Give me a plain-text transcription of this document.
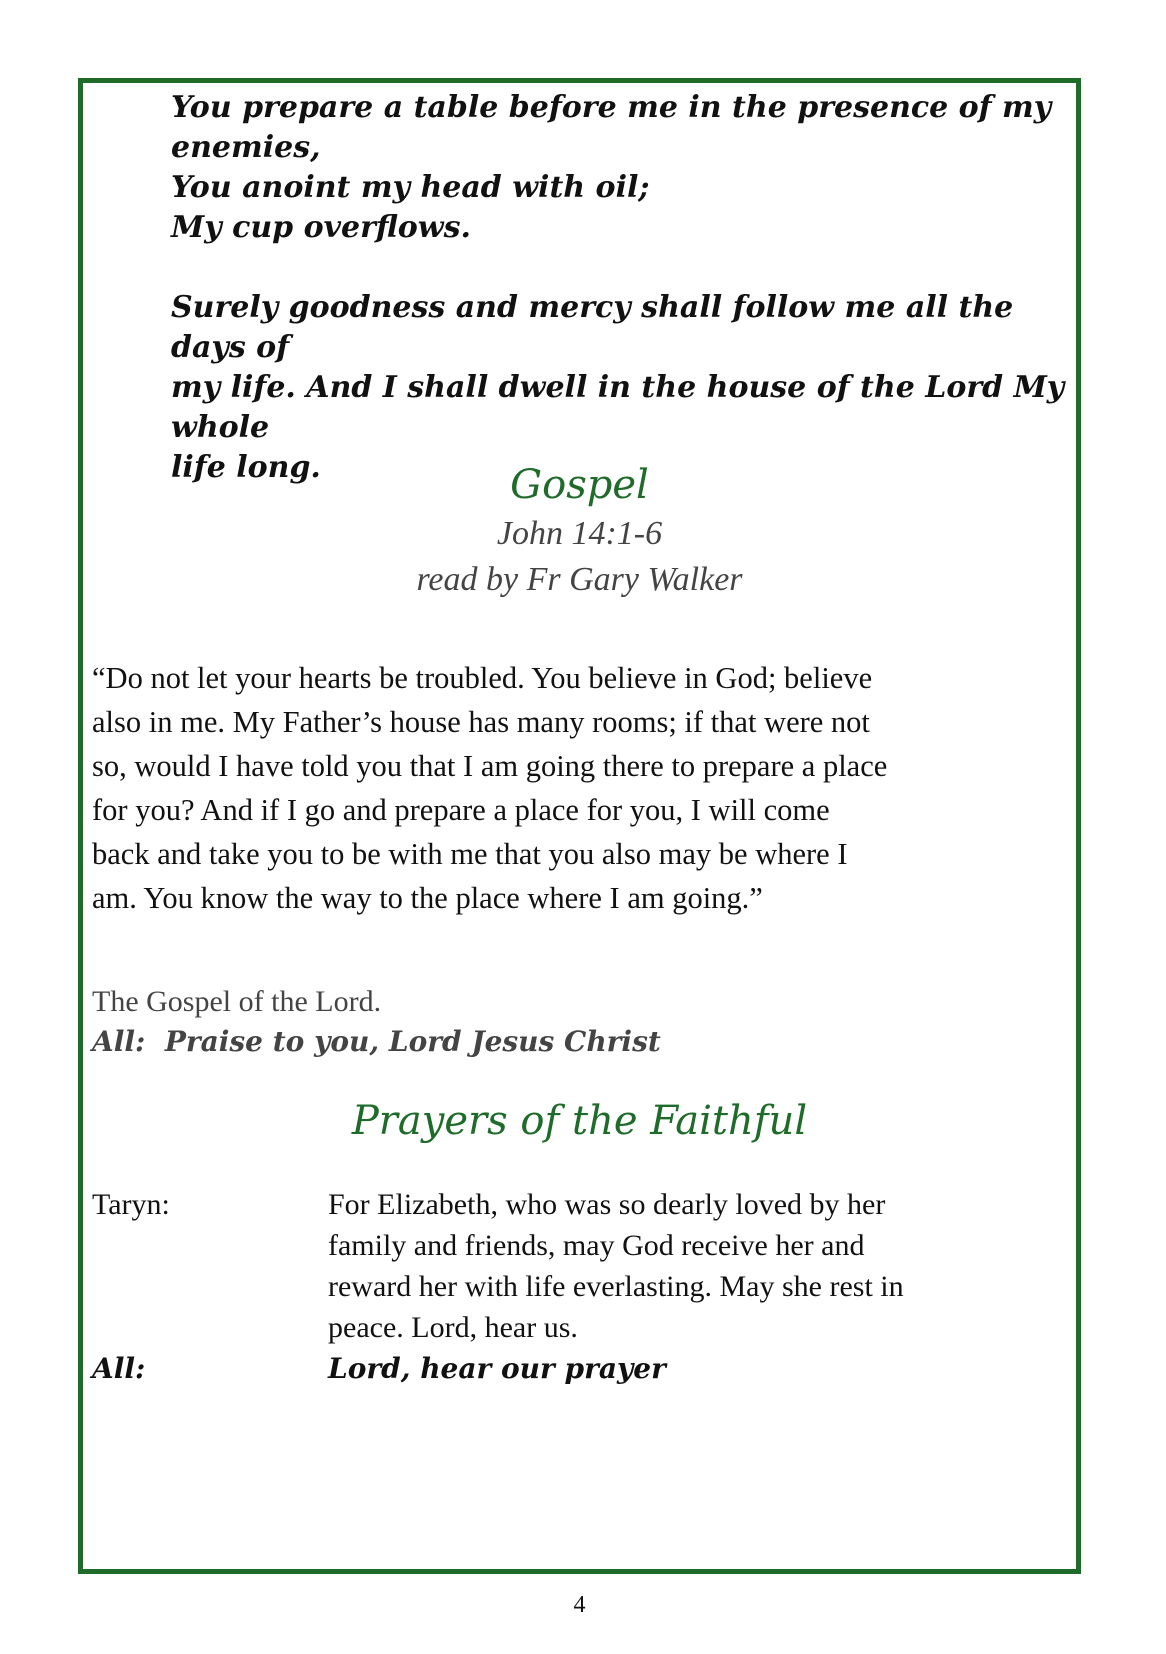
You prepare a table before me in the presence of my

enemies,

You anoint my head with oil;

My cup overflows.

Surely goodness and mercy shall follow me all the days of

my life. And I shall dwell in the house of the Lord My whole

life long.	Gospel
John 14:1-6
read by Fr Gary Walker

“Do not let your hearts be troubled. You believe in God; believe

also in me. My Father’s house has many rooms; if that were not

so, would I have told you that I am going there to prepare a place

for you? And if I go and prepare a place for you, I will come

back and take you to be with me that you also may be where I

am. You know the way to the place where I am going.”

The Gospel of the Lord.
All:  Praise to you, Lord Jesus Christ
Prayers of the Faithful
Taryn:	For Elizabeth, who was so dearly loved by her
family and friends, may God receive her and
reward her with life everlasting. May she rest in
peace. Lord, hear us.
All:	Lord, hear our prayer
4
